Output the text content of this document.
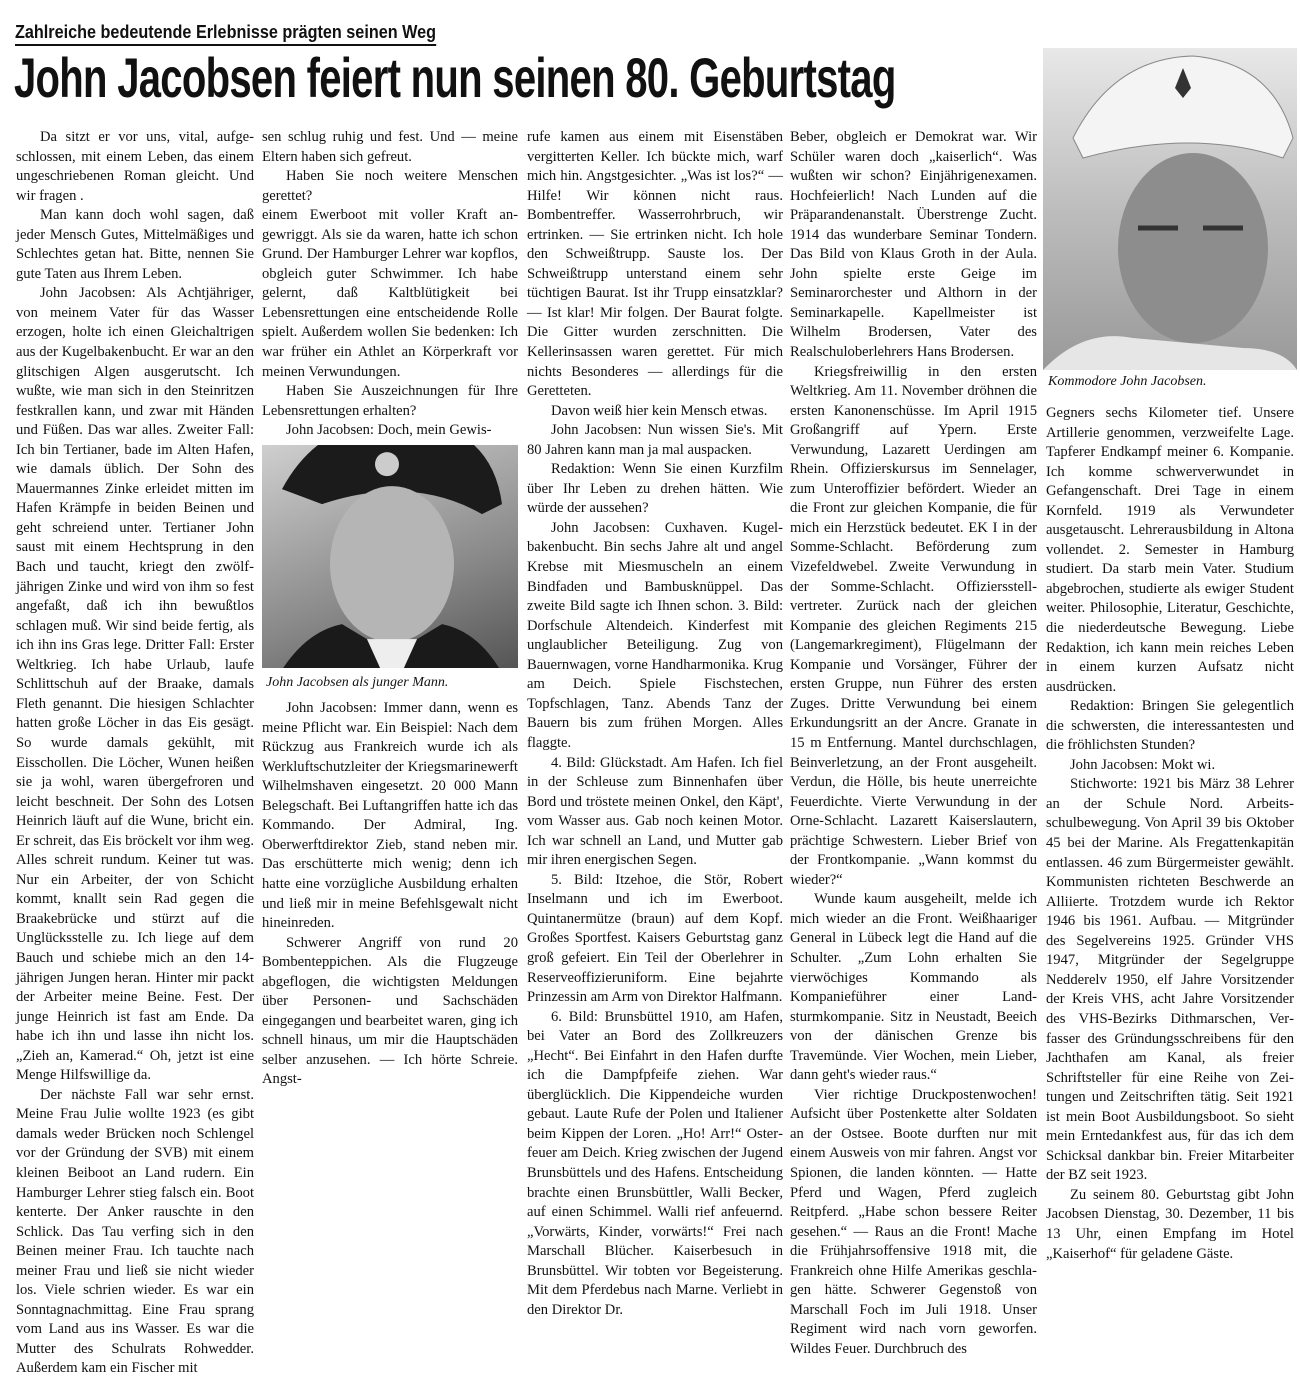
Zahlreiche bedeutende Erlebnisse prägten seinen Weg
John Jacobsen feiert nun seinen 80. Geburtstag

Da sitzt er vor uns, vital, aufgeschlossen, mit einem Leben, das einem ungeschriebenen Roman gleicht. Und wir fragen .

Man kann doch wohl sagen, daß jeder Mensch Gutes, Mittelmäßiges und Schlechtes getan hat. Bitte, nennen Sie gute Taten aus Ihrem Leben.

John Jacobsen: Als Achtjähriger, von meinem Vater für das Wasser erzogen, holte ich einen Gleichaltrigen aus der Kugelbakenbucht. Er war an den glitschigen Algen ausgerutscht. Ich wußte, wie man sich in den Steinritzen festkrallen kann, und zwar mit Händen und Füßen. Das war alles. Zweiter Fall: Ich bin Tertianer, bade im Alten Hafen, wie damals üblich. Der Sohn des Mauermannes Zinke erleidet mitten im Hafen Krämpfe in beiden Beinen und geht schreiend unter. Tertianer John saust mit einem Hechtsprung in den Bach und taucht, kriegt den zwölfjährigen Zinke und wird von ihm so fest angefaßt, daß ich ihn bewußtlos schlagen muß. Wir sind beide fertig, als ich ihn ins Gras lege. Dritter Fall: Erster Weltkrieg. Ich habe Urlaub, laufe Schlittschuh auf der Braake, damals Fleth genannt. Die hiesigen Schlachter hatten große Löcher in das Eis gesägt. So wurde damals gekühlt, mit Eisschollen. Die Löcher, Wunen heißen sie ja wohl, waren übergefroren und leicht beschneit. Der Sohn des Lotsen Heinrich läuft auf die Wune, bricht ein. Er schreit, das Eis bröckelt vor ihm weg. Alles schreit rundum. Keiner tut was. Nur ein Arbeiter, der von Schicht kommt, knallt sein Rad gegen die Braakebrücke und stürzt auf die Unglücksstelle zu. Ich liege auf dem Bauch und schiebe mich an den 14-jährigen Jungen heran. Hinter mir packt der Arbeiter meine Beine. Fest. Der junge Heinrich ist fast am Ende. Da habe ich ihn und lasse ihn nicht los. „Zieh an, Kamerad.“ Oh, jetzt ist eine Menge Hilfswillige da.

Der nächste Fall war sehr ernst. Meine Frau Julie wollte 1923 (es gibt damals weder Brücken noch Schlengel vor der Gründung der SVB) mit einem kleinen Beiboot an Land rudern. Ein Hamburger Lehrer stieg falsch ein. Boot kenterte. Der Anker rauschte in den Schlick. Das Tau verfing sich in den Beinen meiner Frau. Ich tauchte nach meiner Frau und ließ sie nicht wieder los. Viele schrien wieder. Es war ein Sonntagnachmittag. Eine Frau sprang vom Land aus ins Wasser. Es war die Mutter des Schulrats Rohwedder. Außerdem kam ein Fischer mit

sen schlug ruhig und fest. Und — meine Eltern haben sich gefreut.

Haben Sie noch weitere Menschen gerettet?

einem Ewerboot mit voller Kraft angewriggt. Als sie da waren, hatte ich schon Grund. Der Hamburger Lehrer war kopflos, obgleich guter Schwimmer. Ich habe gelernt, daß Kaltblütigkeit bei Lebensrettungen eine entscheidende Rolle spielt. Außerdem wollen Sie bedenken: Ich war früher ein Athlet an Körperkraft vor meinen Verwundungen.

Haben Sie Auszeichnungen für Ihre Lebensrettungen erhalten?

John Jacobsen: Doch, mein Gewis-

John Jacobsen als junger Mann.

John Jacobsen: Immer dann, wenn es meine Pflicht war. Ein Beispiel: Nach dem Rückzug aus Frankreich wurde ich als Werkluftschutzleiter der Kriegsmarinewerft Wilhelmshaven eingesetzt. 20 000 Mann Belegschaft. Bei Luftangriffen hatte ich das Kommando. Der Admiral, Ing. Oberwerftdirektor Zieb, stand neben mir. Das erschütterte mich wenig; denn ich hatte eine vorzügliche Ausbildung erhalten und ließ mir in meine Befehlsgewalt nicht hineinreden.

Schwerer Angriff von rund 20 Bombenteppichen. Als die Flugzeuge abgeflogen, die wichtigsten Meldungen über Personen- und Sachschäden eingegangen und bearbeitet waren, ging ich schnell hinaus, um mir die Hauptschäden selber anzusehen. — Ich hörte Schreie. Angst-

rufe kamen aus einem mit Eisenstäben vergitterten Keller. Ich bückte mich, warf mich hin. Angstgesichter. „Was ist los?“ — Hilfe! Wir können nicht raus. Bombentreffer. Wasserrohrbruch, wir ertrinken. — Sie ertrinken nicht. Ich hole den Schweißtrupp. Sauste los. Der Schweißtrupp unterstand einem sehr tüchtigen Baurat. Ist ihr Trupp einsatzklar? — Ist klar! Mir folgen. Der Baurat folgte. Die Gitter wurden zerschnitten. Die Kellerinsassen waren gerettet. Für mich nichts Besonderes — allerdings für die Geretteten.

Davon weiß hier kein Mensch etwas.

John Jacobsen: Nun wissen Sie's. Mit 80 Jahren kann man ja mal auspacken.

Redaktion: Wenn Sie einen Kurzfilm über Ihr Leben zu drehen hätten. Wie würde der aussehen?

John Jacobsen: Cuxhaven. Kugelbakenbucht. Bin sechs Jahre alt und angel Krebse mit Miesmuscheln an einem Bindfaden und Bambusknüppel. Das zweite Bild sagte ich Ihnen schon. 3. Bild: Dorfschule Altendeich. Kinderfest mit unglaublicher Beteiligung. Zug von Bauernwagen, vorne Handharmonika. Krug am Deich. Spiele Fischstechen, Topfschlagen, Tanz. Abends Tanz der Bauern bis zum frühen Morgen. Alles flaggte.

4. Bild: Glückstadt. Am Hafen. Ich fiel in der Schleuse zum Binnenhafen über Bord und tröstete meinen Onkel, den Käpt', vom Wasser aus. Gab noch keinen Motor. Ich war schnell an Land, und Mutter gab mir ihren energischen Segen.

5. Bild: Itzehoe, die Stör, Robert Inselmann und ich im Ewerboot. Quintanermütze (braun) auf dem Kopf. Großes Sportfest. Kaisers Geburtstag ganz groß gefeiert. Ein Teil der Oberlehrer in Reserveoffizieruniform. Eine bejahrte Prinzessin am Arm von Direktor Halfmann.

6. Bild: Brunsbüttel 1910, am Hafen, bei Vater an Bord des Zollkreuzers „Hecht“. Bei Einfahrt in den Hafen durfte ich die Dampfpfeife ziehen. War überglücklich. Die Kippendeiche wurden gebaut. Laute Rufe der Polen und Italiener beim Kippen der Loren. „Ho! Arr!“ Osterfeuer am Deich. Krieg zwischen der Jugend Brunsbüttels und des Hafens. Entscheidung brachte einen Brunsbüttler, Walli Becker, auf einen Schimmel. Walli rief anfeuernd. „Vorwärts, Kinder, vorwärts!“ Frei nach Marschall Blücher. Kaiserbesuch in Brunsbüttel. Wir tobten vor Begeisterung. Mit dem Pferdebus nach Marne. Verliebt in den Direktor Dr.

Beber, obgleich er Demokrat war. Wir Schüler waren doch „kaiserlich“. Was wußten wir schon? Einjährigenexamen. Hochfeierlich! Nach Lunden auf die Präparandenanstalt. Überstrenge Zucht. 1914 das wunderbare Seminar Tondern. Das Bild von Klaus Groth in der Aula. John spielte erste Geige im Seminarorchester und Althorn in der Seminarkapelle. Kapellmeister ist Wilhelm Brodersen, Vater des Realschuloberlehrers Hans Brodersen.

Kriegsfreiwillig in den ersten Weltkrieg. Am 11. November dröhnen die ersten Kanonenschüsse. Im April 1915 Großangriff auf Ypern. Erste Verwundung, Lazarett Uerdingen am Rhein. Offizierskursus im Sennelager, zum Unteroffizier befördert. Wieder an die Front zur gleichen Kompanie, die für mich ein Herzstück bedeutet. EK I in der Somme-Schlacht. Beförderung zum Vizefeldwebel. Zweite Verwundung in der Somme-Schlacht. Offiziersstellvertreter. Zurück nach der gleichen Kompanie des gleichen Regiments 215 (Langemarkregiment), Flügelmann der Kompanie und Vorsänger, Führer der ersten Gruppe, nun Führer des ersten Zuges. Dritte Verwundung bei einem Erkundungsritt an der Ancre. Granate in 15 m Entfernung. Mantel durchschlagen, Beinverletzung, an der Front ausgeheilt. Verdun, die Hölle, bis heute unerreichte Feuerdichte. Vierte Verwundung in der Orne-Schlacht. Lazarett Kaiserslautern, prächtige Schwestern. Lieber Brief von der Frontkompanie. „Wann kommst du wieder?“

Wunde kaum ausgeheilt, melde ich mich wieder an die Front. Weißhaariger General in Lübeck legt die Hand auf die Schulter. „Zum Lohn erhalten Sie vierwöchiges Kommando als Kompanieführer einer Landsturmkompanie. Sitz in Neustadt, Beeich von der dänischen Grenze bis Travemünde. Vier Wochen, mein Lieber, dann geht's wieder raus.“

Vier richtige Druckpostenwochen! Aufsicht über Postenkette alter Soldaten an der Ostsee. Boote durften nur mit einem Ausweis von mir fahren. Angst vor Spionen, die landen könnten. — Hatte Pferd und Wagen, Pferd zugleich Reitpferd. „Habe schon bessere Reiter gesehen.“ — Raus an die Front! Mache die Frühjahrsoffensive 1918 mit, die Frankreich ohne Hilfe Amerikas geschlagen hätte. Schwerer Gegenstoß von Marschall Foch im Juli 1918. Unser Regiment wird nach vorn geworfen. Wildes Feuer. Durchbruch des

Kommodore John Jacobsen.

Gegners sechs Kilometer tief. Unsere Artillerie genommen, verzweifelte Lage. Tapferer Endkampf meiner 6. Kompanie. Ich komme schwerverwundet in Gefangenschaft. Drei Tage in einem Kornfeld. 1919 als Verwundeter ausgetauscht. Lehrerausbildung in Altona vollendet. 2. Semester in Hamburg studiert. Da starb mein Vater. Studium abgebrochen, studierte als ewiger Student weiter. Philosophie, Literatur, Geschichte, die niederdeutsche Bewegung. Liebe Redaktion, ich kann mein reiches Leben in einem kurzen Aufsatz nicht ausdrücken.

Redaktion: Bringen Sie gelegentlich die schwersten, die interessantesten und die fröhlichsten Stunden?

John Jacobsen: Mokt wi.

Stichworte: 1921 bis März 38 Lehrer an der Schule Nord. Arbeitsschulbewegung. Von April 39 bis Oktober 45 bei der Marine. Als Fregattenkapitän entlassen. 46 zum Bürgermeister gewählt. Kommunisten richteten Beschwerde an Alliierte. Trotzdem wurde ich Rektor 1946 bis 1961. Aufbau. — Mitgründer des Segelvereins 1925. Gründer VHS 1947, Mitgründer der Segelgruppe Nedderelv 1950, elf Jahre Vorsitzender der Kreis VHS, acht Jahre Vorsitzender des VHS-Bezirks Dithmarschen, Verfasser des Gründungsschreibens für den Jachthafen am Kanal, als freier Schriftsteller für eine Reihe von Zeitungen und Zeitschriften tätig. Seit 1921 ist mein Boot Ausbildungsboot. So sieht mein Erntedankfest aus, für das ich dem Schicksal dankbar bin. Freier Mitarbeiter der BZ seit 1923.

Zu seinem 80. Geburtstag gibt John Jacobsen Dienstag, 30. Dezember, 11 bis 13 Uhr, einen Empfang im Hotel „Kaiserhof“ für geladene Gäste.
